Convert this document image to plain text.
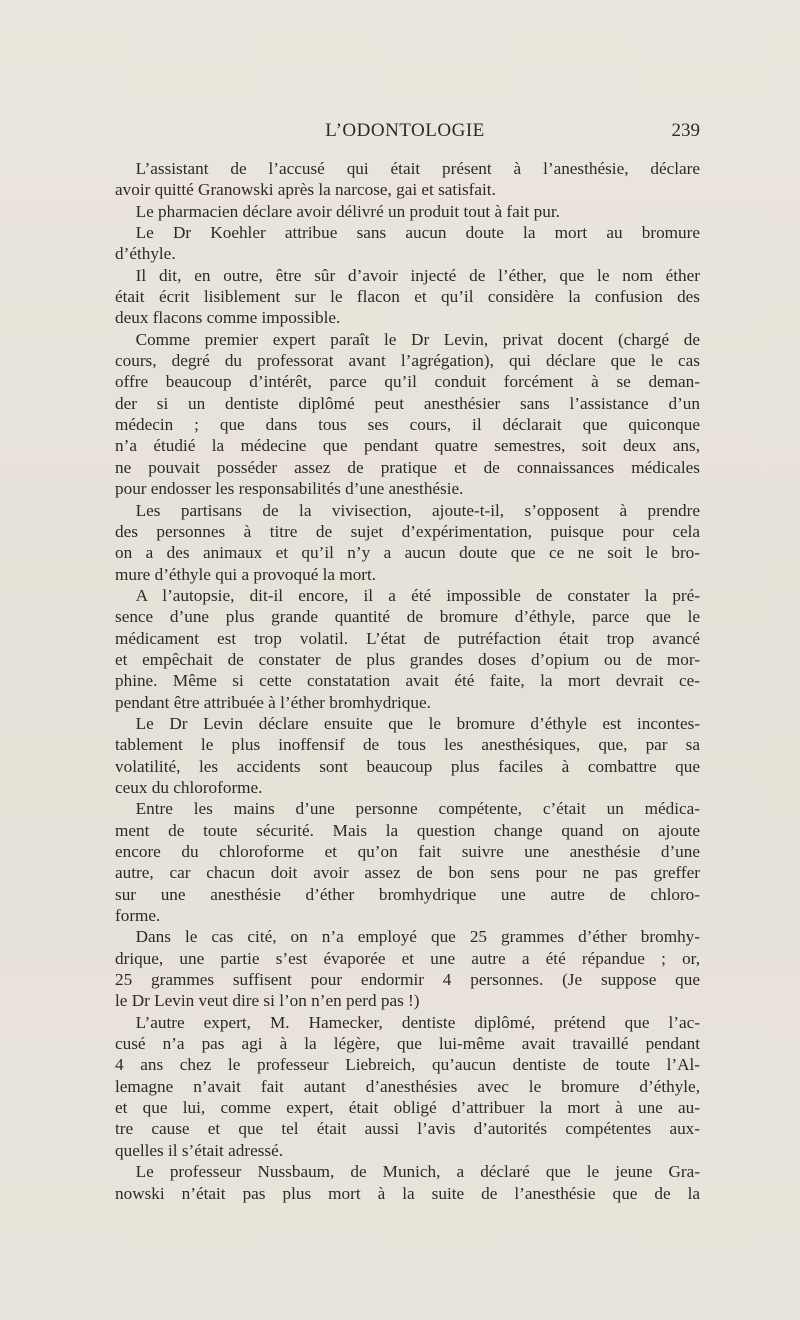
L’ODONTOLOGIE	239
L’assistant de l’accusé qui était présent à l’anesthésie, déclare
avoir quitté Granowski après la narcose, gai et satisfait.
Le pharmacien déclare avoir délivré un produit tout à fait pur.
Le Dr Koehler attribue sans aucun doute la mort au bromure
d’éthyle.
Il dit, en outre, être sûr d’avoir injecté de l’éther, que le nom éther
était écrit lisiblement sur le flacon et qu’il considère la confusion des
deux flacons comme impossible.
Comme premier expert paraît le Dr Levin, privat docent (chargé de
cours, degré du professorat avant l’agrégation), qui déclare que le cas
offre beaucoup d’intérêt, parce qu’il conduit forcément à se deman-
der si un dentiste diplômé peut anesthésier sans l’assistance d’un
médecin ; que dans tous ses cours, il déclarait que quiconque
n’a étudié la médecine que pendant quatre semestres, soit deux ans,
ne pouvait posséder assez de pratique et de connaissances médicales
pour endosser les responsabilités d’une anesthésie.
Les partisans de la vivisection, ajoute-t-il, s’opposent à prendre
des personnes à titre de sujet d’expérimentation, puisque pour cela
on a des animaux et qu’il n’y a aucun doute que ce ne soit le bro-
mure d’éthyle qui a provoqué la mort.
A l’autopsie, dit-il encore, il a été impossible de constater la pré-
sence d’une plus grande quantité de bromure d’éthyle, parce que le
médicament est trop volatil. L’état de putréfaction était trop avancé
et empêchait de constater de plus grandes doses d’opium ou de mor-
phine. Même si cette constatation avait été faite, la mort devrait ce-
pendant être attribuée à l’éther bromhydrique.
Le Dr Levin déclare ensuite que le bromure d’éthyle est incontes-
tablement le plus inoffensif de tous les anesthésiques, que, par sa
volatilité, les accidents sont beaucoup plus faciles à combattre que
ceux du chloroforme.
Entre les mains d’une personne compétente, c’était un médica-
ment de toute sécurité. Mais la question change quand on ajoute
encore du chloroforme et qu’on fait suivre une anesthésie d’une
autre, car chacun doit avoir assez de bon sens pour ne pas greffer
sur une anesthésie d’éther bromhydrique une autre de chloro-
forme.
Dans le cas cité, on n’a employé que 25 grammes d’éther bromhy-
drique, une partie s’est évaporée et une autre a été répandue ; or,
25 grammes suffisent pour endormir 4 personnes. (Je suppose que
le Dr Levin veut dire si l’on n’en perd pas !)
L’autre expert, M. Hamecker, dentiste diplômé, prétend que l’ac-
cusé n’a pas agi à la légère, que lui-même avait travaillé pendant
4 ans chez le professeur Liebreich, qu’aucun dentiste de toute l’Al-
lemagne n’avait fait autant d’anesthésies avec le bromure d’éthyle,
et que lui, comme expert, était obligé d’attribuer la mort à une au-
tre cause et que tel était aussi l’avis d’autorités compétentes aux-
quelles il s’était adressé.
Le professeur Nussbaum, de Munich, a déclaré que le jeune Gra-
nowski n’était pas plus mort à la suite de l’anesthésie que de la
